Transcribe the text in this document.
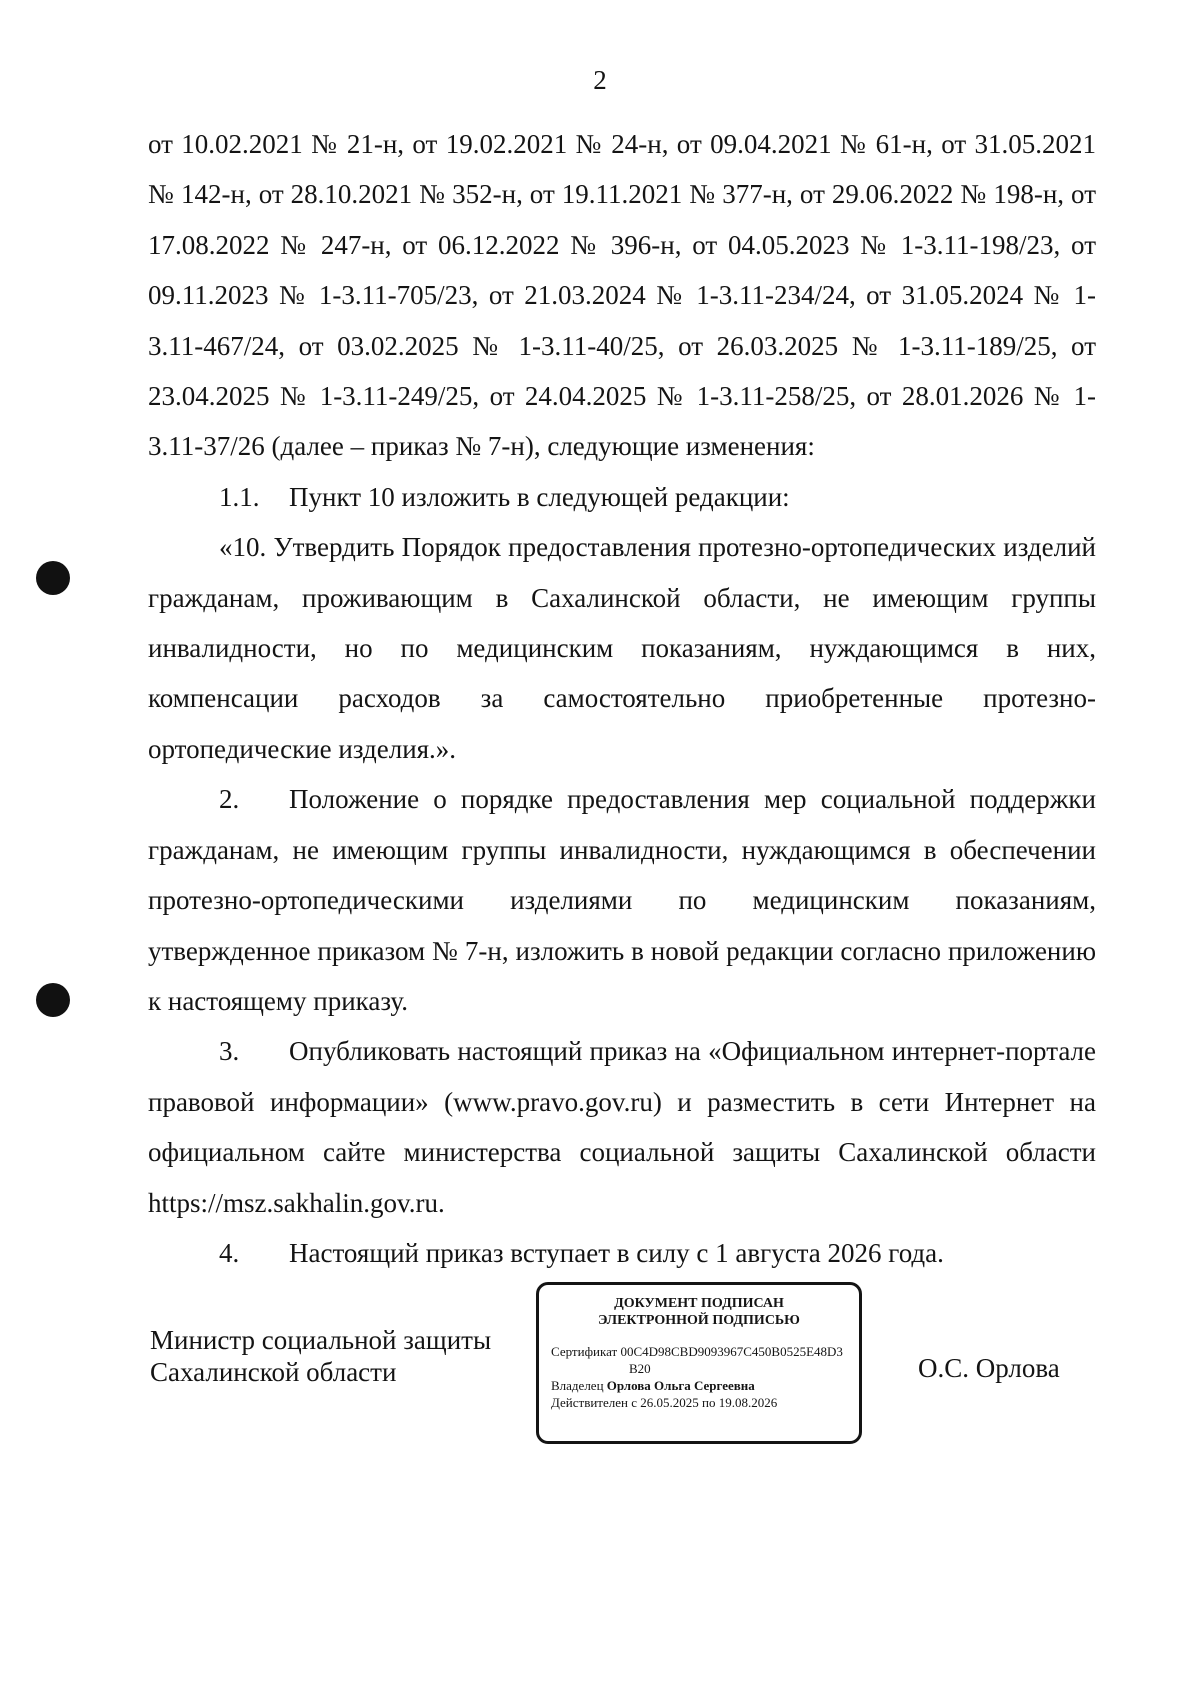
2

от 10.02.2021 № 21-н, от 19.02.2021 № 24-н, от 09.04.2021 № 61-н, от 31.05.2021 № 142-н, от 28.10.2021 № 352-н, от 19.11.2021 № 377-н, от 29.06.2022 № 198-н, от 17.08.2022 № 247-н, от 06.12.2022 № 396-н, от 04.05.2023 № 1-3.11-198/23, от 09.11.2023 № 1-3.11-705/23, от 21.03.2024 № 1-3.11-234/24, от 31.05.2024 № 1-3.11-467/24, от 03.02.2025 № 1-3.11-40/25, от 26.03.2025 № 1-3.11-189/25, от 23.04.2025 № 1-3.11-249/25, от 24.04.2025 № 1-3.11-258/25, от 28.01.2026 № 1-3.11-37/26 (далее – приказ № 7-н), следующие изменения:

1.1. Пункт 10 изложить в следующей редакции:

«10. Утвердить Порядок предоставления протезно-ортопедических изделий гражданам, проживающим в Сахалинской области, не имеющим группы инвалидности, но по медицинским показаниям, нуждающимся в них, компенсации расходов за самостоятельно приобретенные протезно-ортопедические изделия.».

2. Положение о порядке предоставления мер социальной поддержки гражданам, не имеющим группы инвалидности, нуждающимся в обеспечении протезно-ортопедическими изделиями по медицинским показаниям, утвержденное приказом № 7-н, изложить в новой редакции согласно приложению к настоящему приказу.

3. Опубликовать настоящий приказ на «Официальном интернет-портале правовой информации» (www.pravo.gov.ru) и разместить в сети Интернет на официальном сайте министерства социальной защиты Сахалинской области https://msz.sakhalin.gov.ru.

4. Настоящий приказ вступает в силу с 1 августа 2026 года.

Министр социальной защиты
Сахалинской области
ДОКУМЕНТ ПОДПИСАН
ЭЛЕКТРОННОЙ ПОДПИСЬЮ
Сертификат 00C4D98CBD9093967C450B0525E48D3
B20
Владелец Орлова Ольга Сергеевна
Действителен с 26.05.2025 по 19.08.2026
О.С. Орлова
